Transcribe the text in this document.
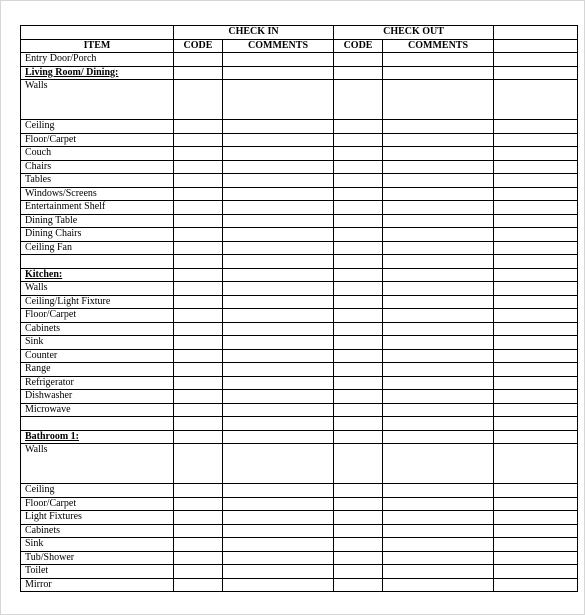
	CHECK IN		CHECK OUT		
ITEM	CODE	COMMENTS	CODE	COMMENTS	
Entry Door/Porch					
Living Room/ Dining:					
Walls					
Ceiling					
Floor/Carpet					
Couch					
Chairs					
Tables					
Windows/Screens					
Entertainment Shelf					
Dining Table					
Dining Chairs					
Ceiling Fan					

Kitchen:					
Walls					
Ceiling/Light Fixture					
Floor/Carpet					
Cabinets					
Sink					
Counter					
Range					
Refrigerator					
Dishwasher					
Microwave					

Bathroom 1:					
Walls					
Ceiling					
Floor/Carpet					
Light Fixtures					
Cabinets					
Sink					
Tub/Shower					
Toilet					
Mirror					
